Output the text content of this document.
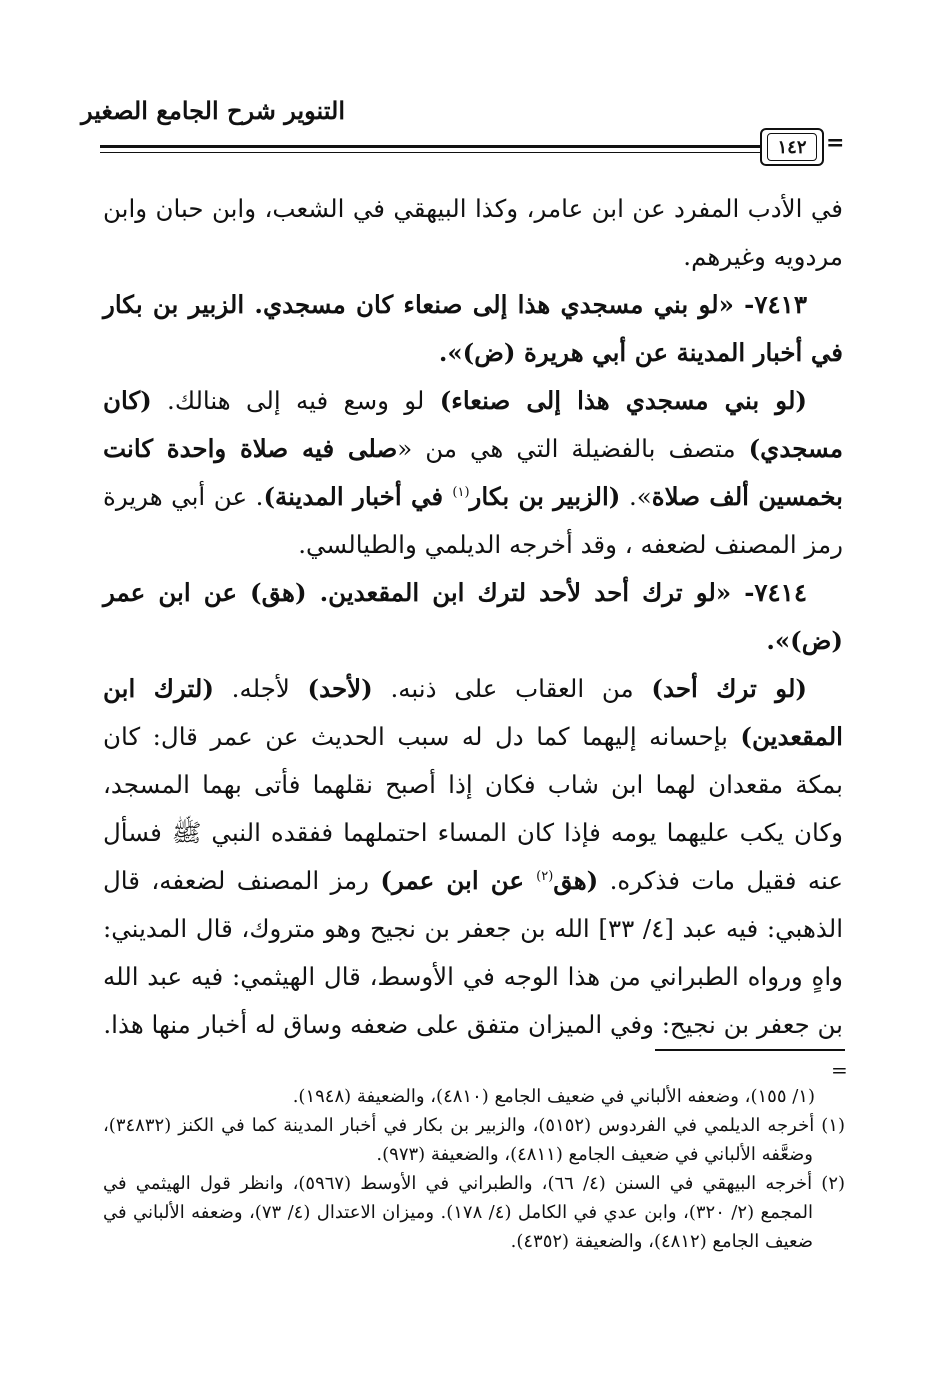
التنوير شرح الجامع الصغير
١٤٢ =

في الأدب المفرد عن ابن عامر، وكذا البيهقي في الشعب، وابن حبان وابن مردويه وغيرهم.

٧٤١٣- «لو بني مسجدي هذا إلى صنعاء كان مسجدي. الزبير بن بكار في أخبار المدينة عن أبي هريرة (ض)».

(لو بني مسجدي هذا إلى صنعاء) لو وسع فيه إلى هنالك. (كان مسجدي) متصف بالفضيلة التي هي من «صلى فيه صلاة واحدة كانت بخمسين ألف صلاة». (الزبير بن بكار$^{(١)}$ في أخبار المدينة). عن أبي هريرة رمز المصنف لضعفه ، وقد أخرجه الديلمي والطيالسي.

٧٤١٤- «لو ترك أحد لأحد لترك ابن المقعدين. (هق) عن ابن عمر (ض)».

(لو ترك أحد) من العقاب على ذنبه. (لأحد) لأجله. (لترك ابن المقعدين) بإحسانه إليهما كما دل له سبب الحديث عن عمر قال: كان بمكة مقعدان لهما ابن شاب فكان إذا أصبح نقلهما فأتى بهما المسجد، وكان يكب عليهما يومه فإذا كان المساء احتملهما ففقده النبي ﷺ فسأل عنه فقيل مات فذكره. (هق$^{(٢)}$ عن ابن عمر) رمز المصنف لضعفه، قال الذهبي: فيه عبد [٤/ ٣٣] الله بن جعفر بن نجيح وهو متروك، قال المديني: واهٍ ورواه الطبراني من هذا الوجه في الأوسط، قال الهيثمي: فيه عبد الله بن جعفر بن نجيح: وفي الميزان متفق على ضعفه وساق له أخبار منها هذا.

=

(١/ ١٥٥)، وضعفه الألباني في ضعيف الجامع (٤٨١٠)، والضعيفة (١٩٤٨).

(١) أخرجه الديلمي في الفردوس (٥١٥٢)، والزبير بن بكار في أخبار المدينة كما في الكنز (٣٤٨٣٢)، وضعَّفه الألباني في ضعيف الجامع (٤٨١١)، والضعيفة (٩٧٣).

(٢) أخرجه البيهقي في السنن (٤/ ٦٦)، والطبراني في الأوسط (٥٩٦٧)، وانظر قول الهيثمي في المجمع (٢/ ٣٢٠)، وابن عدي في الكامل (٤/ ١٧٨). وميزان الاعتدال (٤/ ٧٣)، وضعفه الألباني في ضعيف الجامع (٤٨١٢)، والضعيفة (٤٣٥٢).
